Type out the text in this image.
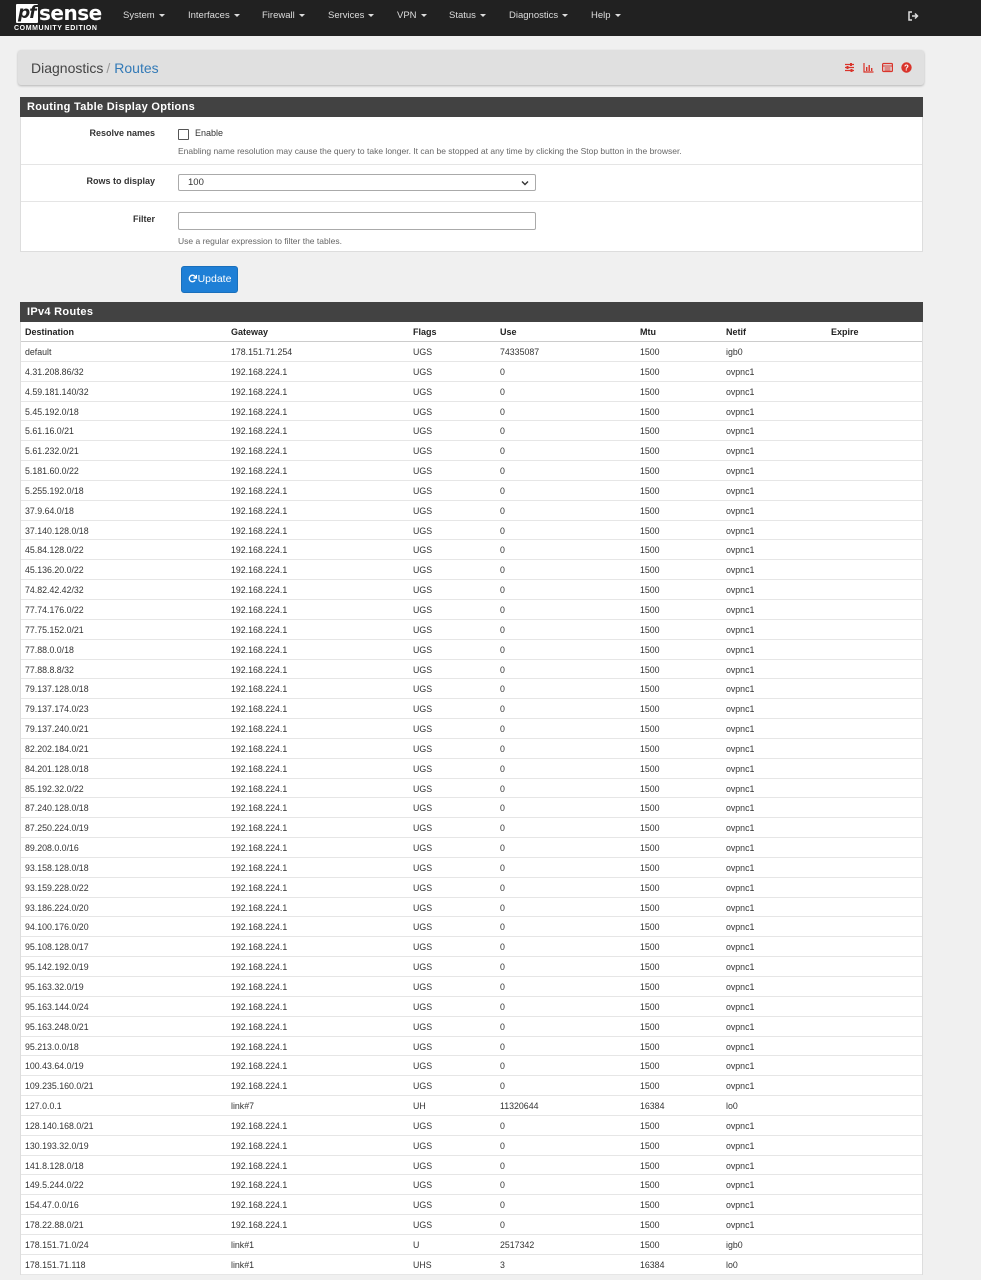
pf sense
COMMUNITY EDITION
System	Interfaces	Firewall	Services	VPN	Status	Diagnostics	Help
Diagnostics / Routes	?
Routing Table Display Options
Resolve names	Enable
Enabling name resolution may cause the query to take longer. It can be stopped at any time by clicking the Stop button in the browser.
Rows to display	100
Filter
Use a regular expression to filter the tables.
Update
IPv4 Routes
Destination	Gateway	Flags	Use	Mtu	Netif	Expire
default	178.151.71.254	UGS	74335087	1500	igb0
4.31.208.86/32	192.168.224.1	UGS	0	1500	ovpnc1
4.59.181.140/32	192.168.224.1	UGS	0	1500	ovpnc1
5.45.192.0/18	192.168.224.1	UGS	0	1500	ovpnc1
5.61.16.0/21	192.168.224.1	UGS	0	1500	ovpnc1
5.61.232.0/21	192.168.224.1	UGS	0	1500	ovpnc1
5.181.60.0/22	192.168.224.1	UGS	0	1500	ovpnc1
5.255.192.0/18	192.168.224.1	UGS	0	1500	ovpnc1
37.9.64.0/18	192.168.224.1	UGS	0	1500	ovpnc1
37.140.128.0/18	192.168.224.1	UGS	0	1500	ovpnc1
45.84.128.0/22	192.168.224.1	UGS	0	1500	ovpnc1
45.136.20.0/22	192.168.224.1	UGS	0	1500	ovpnc1
74.82.42.42/32	192.168.224.1	UGS	0	1500	ovpnc1
77.74.176.0/22	192.168.224.1	UGS	0	1500	ovpnc1
77.75.152.0/21	192.168.224.1	UGS	0	1500	ovpnc1
77.88.0.0/18	192.168.224.1	UGS	0	1500	ovpnc1
77.88.8.8/32	192.168.224.1	UGS	0	1500	ovpnc1
79.137.128.0/18	192.168.224.1	UGS	0	1500	ovpnc1
79.137.174.0/23	192.168.224.1	UGS	0	1500	ovpnc1
79.137.240.0/21	192.168.224.1	UGS	0	1500	ovpnc1
82.202.184.0/21	192.168.224.1	UGS	0	1500	ovpnc1
84.201.128.0/18	192.168.224.1	UGS	0	1500	ovpnc1
85.192.32.0/22	192.168.224.1	UGS	0	1500	ovpnc1
87.240.128.0/18	192.168.224.1	UGS	0	1500	ovpnc1
87.250.224.0/19	192.168.224.1	UGS	0	1500	ovpnc1
89.208.0.0/16	192.168.224.1	UGS	0	1500	ovpnc1
93.158.128.0/18	192.168.224.1	UGS	0	1500	ovpnc1
93.159.228.0/22	192.168.224.1	UGS	0	1500	ovpnc1
93.186.224.0/20	192.168.224.1	UGS	0	1500	ovpnc1
94.100.176.0/20	192.168.224.1	UGS	0	1500	ovpnc1
95.108.128.0/17	192.168.224.1	UGS	0	1500	ovpnc1
95.142.192.0/19	192.168.224.1	UGS	0	1500	ovpnc1
95.163.32.0/19	192.168.224.1	UGS	0	1500	ovpnc1
95.163.144.0/24	192.168.224.1	UGS	0	1500	ovpnc1
95.163.248.0/21	192.168.224.1	UGS	0	1500	ovpnc1
95.213.0.0/18	192.168.224.1	UGS	0	1500	ovpnc1
100.43.64.0/19	192.168.224.1	UGS	0	1500	ovpnc1
109.235.160.0/21	192.168.224.1	UGS	0	1500	ovpnc1
127.0.0.1	link#7	UH	11320644	16384	lo0
128.140.168.0/21	192.168.224.1	UGS	0	1500	ovpnc1
130.193.32.0/19	192.168.224.1	UGS	0	1500	ovpnc1
141.8.128.0/18	192.168.224.1	UGS	0	1500	ovpnc1
149.5.244.0/22	192.168.224.1	UGS	0	1500	ovpnc1
154.47.0.0/16	192.168.224.1	UGS	0	1500	ovpnc1
178.22.88.0/21	192.168.224.1	UGS	0	1500	ovpnc1
178.151.71.0/24	link#1	U	2517342	1500	igb0
178.151.71.118	link#1	UHS	3	16384	lo0
